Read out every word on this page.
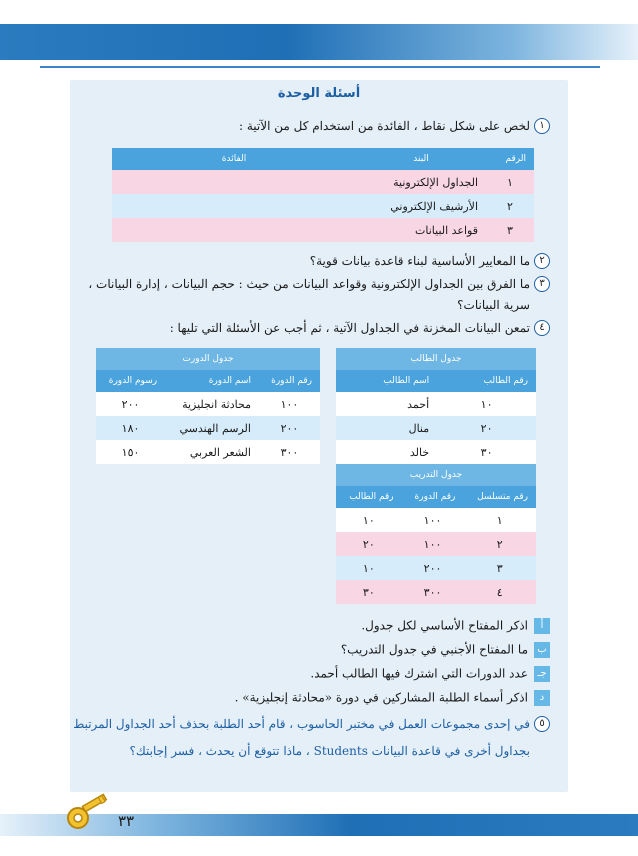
الوحدة الأولى: المعلومات الرقمية في قواعد البيانات
أسئلة الوحدة
١لخص على شكل نقاط ، الفائدة من استخدام كل من الآتية :
الرقم	البند	الفائدة
١	الجداول الإلكترونية	
٢	الأرشيف الإلكتروني	
٣	قواعد البيانات	
٢ما المعايير الأساسية لبناء قاعدة بيانات قوية؟
٣ما الفرق بين الجداول الإلكترونية وقواعد البيانات من حيث : حجم البيانات ، إدارة البيانات ،
سرية البيانات؟
٤تمعن البيانات المخزنة في الجداول الآتية ، ثم أجب عن الأسئلة التي تليها :
جدول الطالب	
رقم الطالب	اسم الطالب
١٠	أحمد
٢٠	منال
٣٠	خالد
جدول الدورت		
رقم الدورة	اسم الدورة	رسوم الدورة
١٠٠	محادثة انجليزية	٢٠٠
٢٠٠	الرسم الهندسي	١٨٠
٣٠٠	الشعر العربي	١٥٠
جدول التدريب		
رقم متسلسل	رقم الدورة	رقم الطالب
١	١٠٠	١٠
٢	١٠٠	٢٠
٣	٢٠٠	١٠
٤	٣٠٠	٣٠
أاذكر المفتاح الأساسي لكل جدول.
بما المفتاح الأجنبي في جدول التدريب؟
جـعدد الدورات التي اشترك فيها الطالب أحمد.
داذكر أسماء الطلبة المشاركين في دورة «محادثة إنجليزية» .
٥في إحدى مجموعات العمل في مختبر الحاسوب ، قام أحد الطلبة بحذف أحد الجداول المرتبط
بجداول أخرى في قاعدة البيانات Students ، ماذا تتوقع أن يحدث ، فسر إجابتك؟
٣٣
